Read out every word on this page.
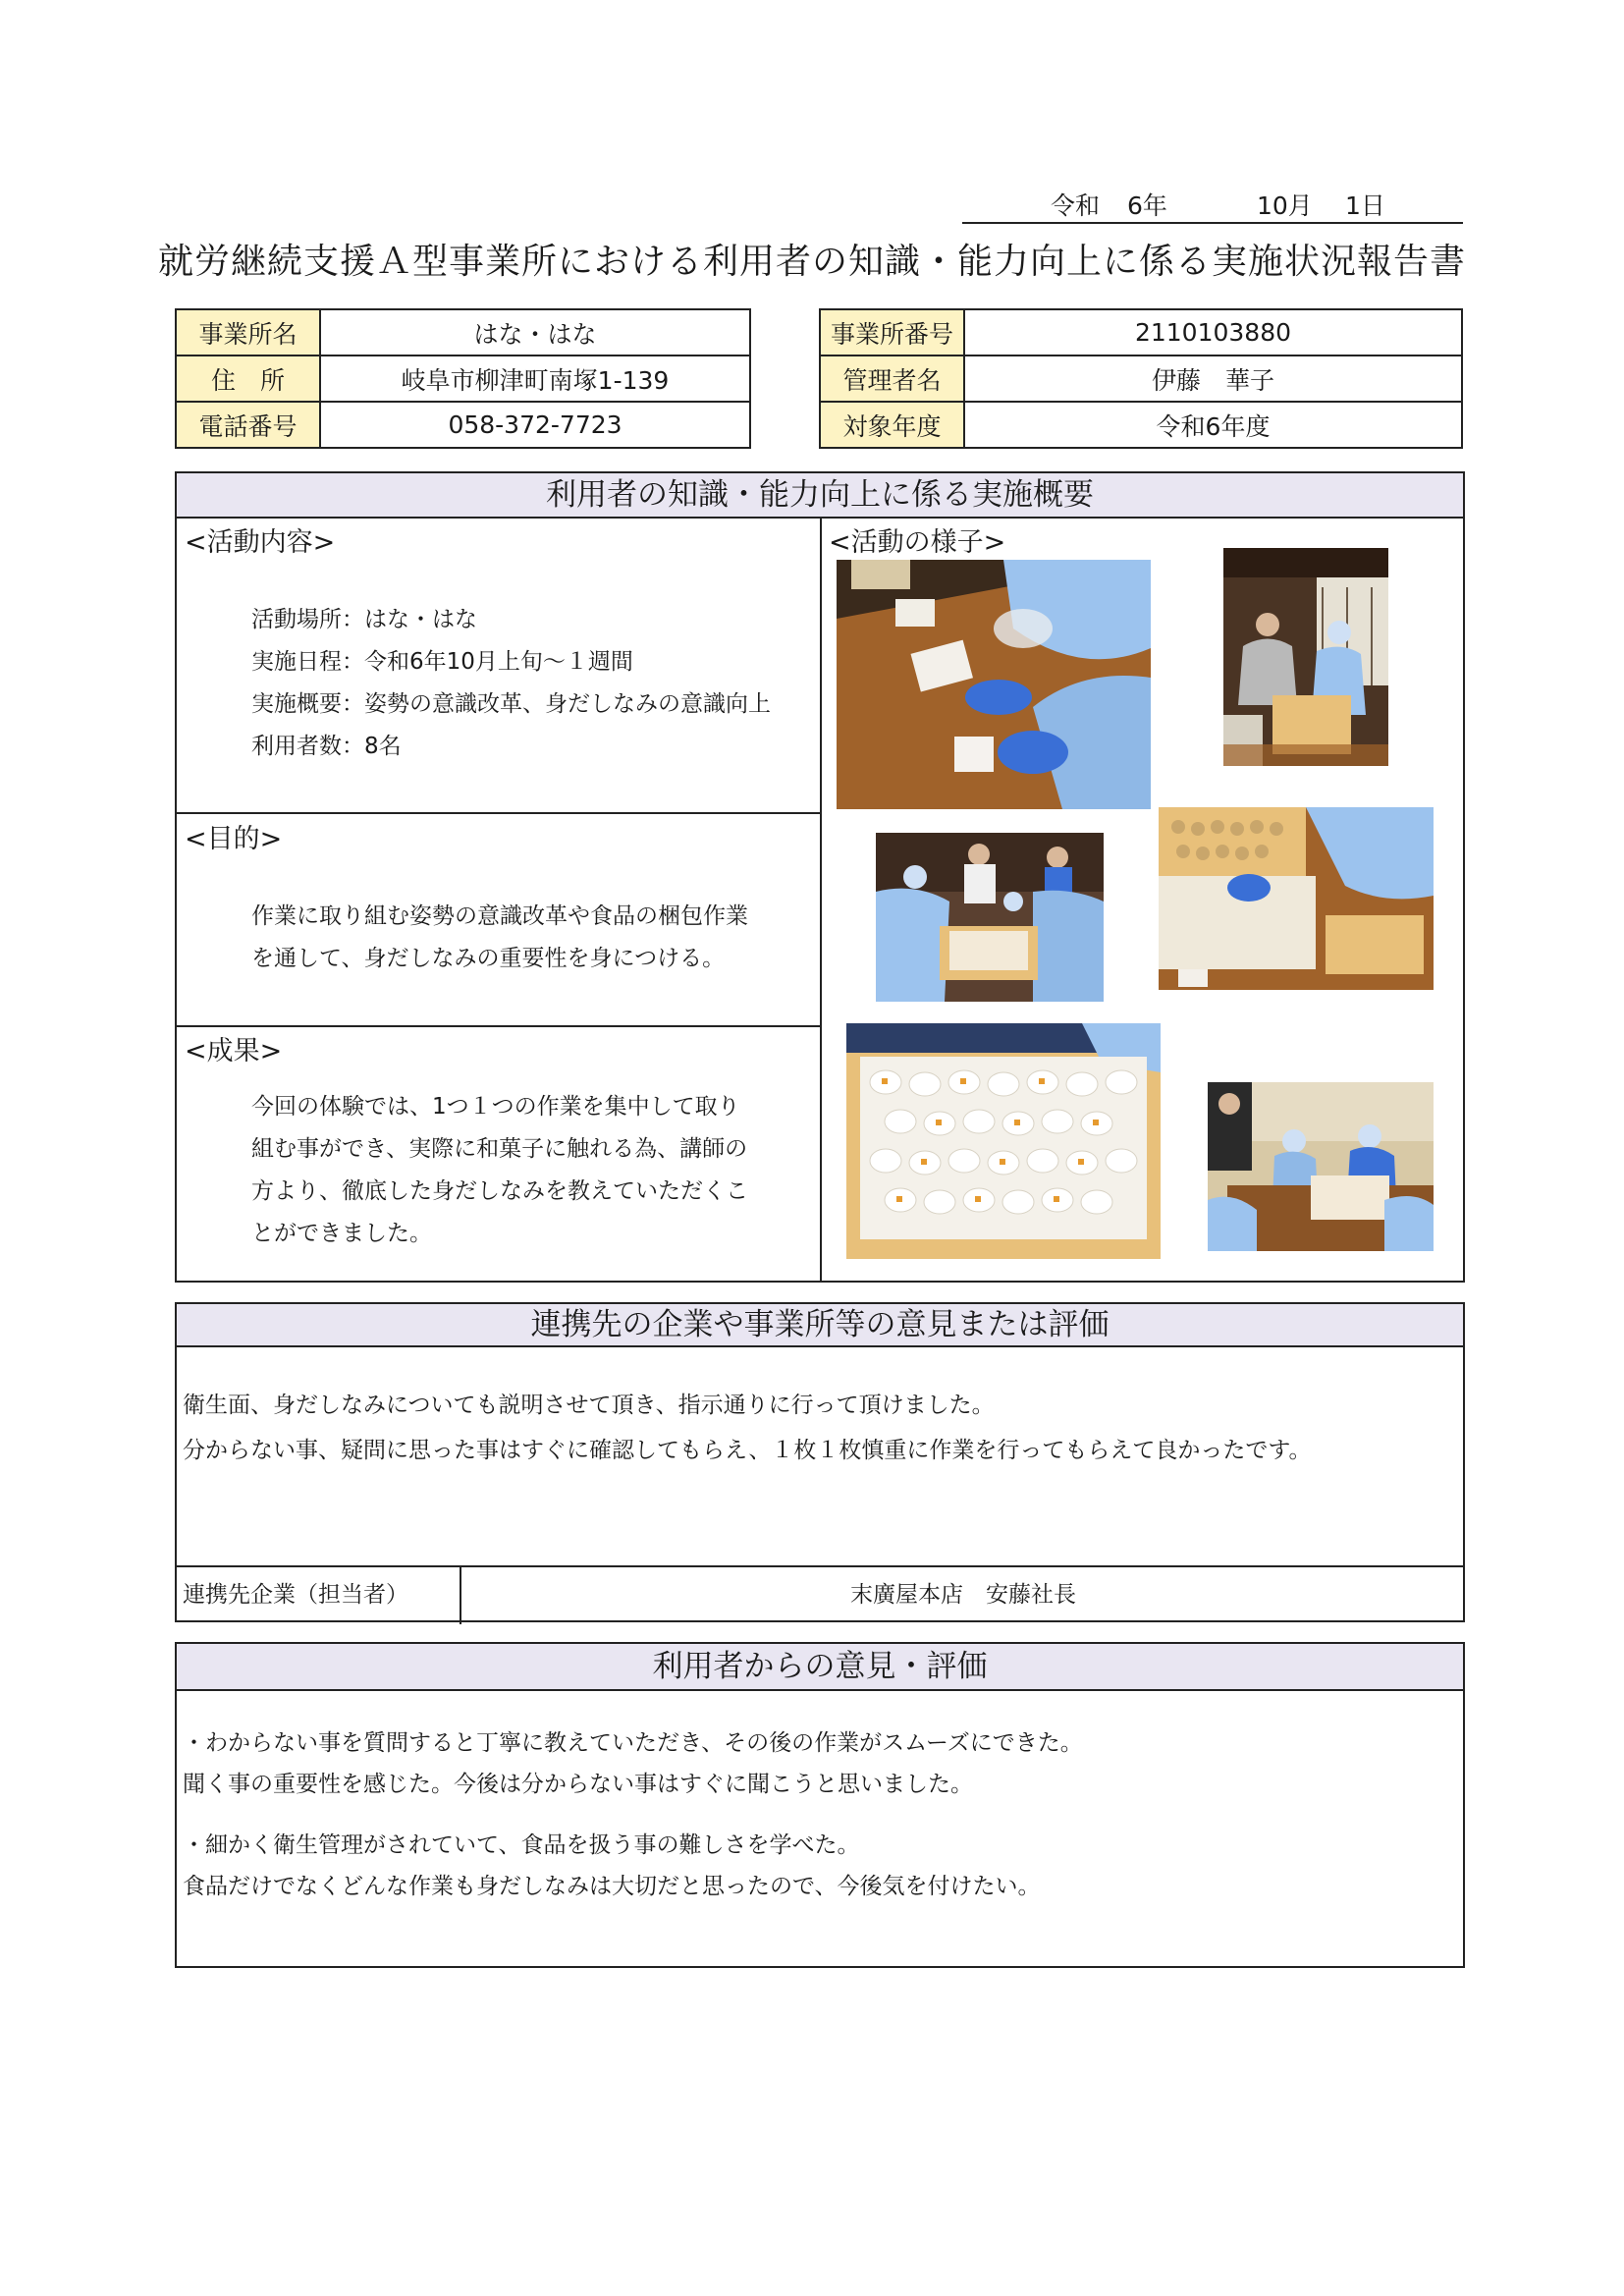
令和 6年	10月 1日
就労継続支援Ａ型事業所における利用者の知識・能力向上に係る実施状況報告書
事業所名	はな・はな
住　所	岐阜市柳津町南塚1-139
電話番号	058-372-7723
事業所番号	2110103880
管理者名	伊藤　華子
対象年度	令和6年度
利用者の知識・能力向上に係る実施概要
<活動内容>
活動場所：はな・はな
実施日程：令和6年10月上旬～１週間
実施概要：姿勢の意識改革、身だしなみの意識向上
利用者数：8名
<目的>
作業に取り組む姿勢の意識改革や食品の梱包作業
を通して、身だしなみの重要性を身につける。
<成果>
今回の体験では、1つ１つの作業を集中して取り
組む事ができ、実際に和菓子に触れる為、講師の
方より、徹底した身だしなみを教えていただくこ
とができました。
<活動の様子>
連携先の企業や事業所等の意見または評価
衛生面、身だしなみについても説明させて頂き、指示通りに行って頂けました。
分からない事、疑問に思った事はすぐに確認してもらえ、１枚１枚慎重に作業を行ってもらえて良かったです。
連携先企業（担当者）	末廣屋本店　安藤社長
利用者からの意見・評価
・わからない事を質問すると丁寧に教えていただき、その後の作業がスムーズにできた。
聞く事の重要性を感じた。今後は分からない事はすぐに聞こうと思いました。
・細かく衛生管理がされていて、食品を扱う事の難しさを学べた。
食品だけでなくどんな作業も身だしなみは大切だと思ったので、今後気を付けたい。
